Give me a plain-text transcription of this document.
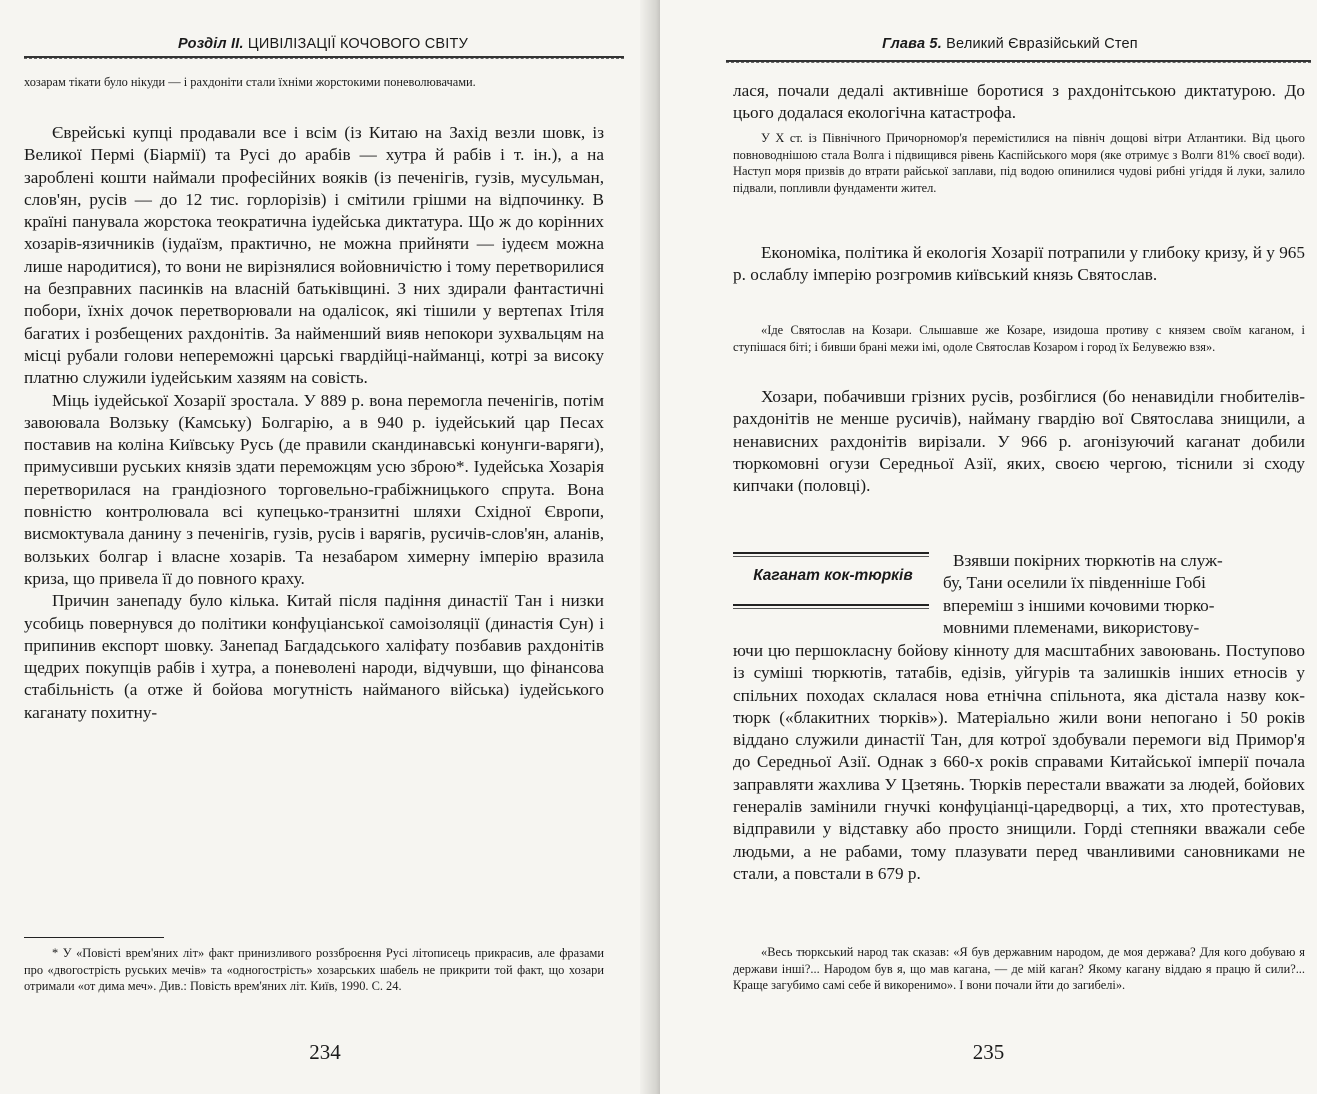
Розділ ІІ. ЦИВІЛІЗАЦІЇ КОЧОВОГО СВІТУ

хозарам тікати було нікуди — і рахдоніти стали їхніми жорстокими поневолювачами.

Єврейські купці продавали все і всім (із Китаю на Захід везли шовк, із Великої Пермі (Біармії) та Русі до арабів — хутра й рабів і т. ін.), а на зароблені кошти наймали професійних вояків (із печенігів, гузів, мусульман, слов'ян, русів — до 12 тис. горлорізів) і смітили грішми на відпочинку. В країні панувала жорстока теократична іудейська диктатура. Що ж до корінних хозарів-язичників (іудаїзм, практично, не можна прийняти — іудеєм можна лише народитися), то вони не вирізнялися войовничістю і тому перетворилися на безправних пасинків на власній батьківщині. З них здирали фантастичні побори, їхніх дочок перетворювали на одалісок, які тішили у вертепах Ітіля багатих і розбещених рахдонітів. За найменший вияв непокори зухвальцям на місці рубали голови непереможні царські гвардійці-найманці, котрі за високу платню служили іудейським хазяям на совість.

Міць іудейської Хозарії зростала. У 889 р. вона перемогла печенігів, потім завоювала Волзьку (Камську) Болгарію, а в 940 р. іудейський цар Песах поставив на коліна Київську Русь (де правили скандинавські конунги-варяги), примусивши руських князів здати переможцям усю зброю*. Іудейська Хозарія перетворилася на грандіозного торговельно-грабіжницького спрута. Вона повністю контролювала всі купецько-транзитні шляхи Східної Європи, висмоктувала данину з печенігів, гузів, русів і варягів, русичів-слов'ян, аланів, волзьких болгар і власне хозарів. Та незабаром химерну імперію вразила криза, що привела її до повного краху.

Причин занепаду було кілька. Китай після падіння династії Тан і низки усобиць повернувся до політики конфуціанської самоізоляції (династія Сун) і припинив експорт шовку. Занепад Багдадського халіфату позбавив рахдонітів щедрих покупців рабів і хутра, а поневолені народи, відчувши, що фінансова стабільність (а отже й бойова могутність найманого війська) іудейського каганату похитну-

* У «Повісті врем'яних літ» факт принизливого роззброєння Русі літописець прикрасив, але фразами про «двогострість руських мечів» та «одногострість» хозарських шабель не прикрити той факт, що хозари отримали «от дима меч». Див.: Повість врем'яних літ. Київ, 1990. С. 24.

234
Глава 5. Великий Євразійський Степ

лася, почали дедалі активніше боротися з рахдонітською диктатурою. До цього додалася екологічна катастрофа.

У X ст. із Північного Причорномор'я перемістилися на північ дощові вітри Атлантики. Від цього повноводнішою стала Волга і підвищився рівень Каспійського моря (яке отримує з Волги 81% своєї води). Наступ моря призвів до втрати райської заплави, під водою опинилися чудові рибні угіддя й луки, залило підвали, попливли фундаменти жител.

Економіка, політика й екологія Хозарії потрапили у глибоку кризу, й у 965 р. ослаблу імперію розгромив київський князь Святослав.

«Іде Святослав на Козари. Слышавше же Козаре, изидоша противу с князем своїм каганом, і ступішася біті; і бивши брані межи імі, одоле Святослав Козаром і город їх Белувежю взя».

Хозари, побачивши грізних русів, розбіглися (бо ненавиділи гнобителів-рахдонітів не менше русичів), найману гвардію вої Святослава знищили, а ненависних рахдонітів вирізали. У 966 р. агонізуючий каганат добили тюркомовні огузи Середньої Азії, яких, своєю чергою, тіснили зі сходу кипчаки (половці).

Каганат кок-тюрків
Взявши покірних тюркютів на служ-
бу, Тани оселили їх південніше Гобі
впереміш з іншими кочовими тюрко-
мовними племенами, використову-

ючи цю першокласну бойову кінноту для масштабних завоювань. Поступово із суміші тюркютів, татабів, едізів, уйгурів та залишків інших етносів у спільних походах склалася нова етнічна спільнота, яка дістала назву кок-тюрк («блакитних тюрків»). Матеріально жили вони непогано і 50 років віддано служили династії Тан, для котрої здобували перемоги від Примор'я до Середньої Азії. Однак з 660-х років справами Китайської імперії почала заправляти жахлива У Цзетянь. Тюрків перестали вважати за людей, бойових генералів замінили гнучкі конфуціанці-царедворці, а тих, хто протестував, відправили у відставку або просто знищили. Горді степняки вважали себе людьми, а не рабами, тому плазувати перед чванливими сановниками не стали, а повстали в 679 р.

«Весь тюркський народ так сказав: «Я був державним народом, де моя держава? Для кого добуваю я держави інші?... Народом був я, що мав кагана, — де мій каган? Якому кагану віддаю я працю й сили?... Краще загубимо самі себе й викоренимо». І вони почали йти до загибелі».

235
